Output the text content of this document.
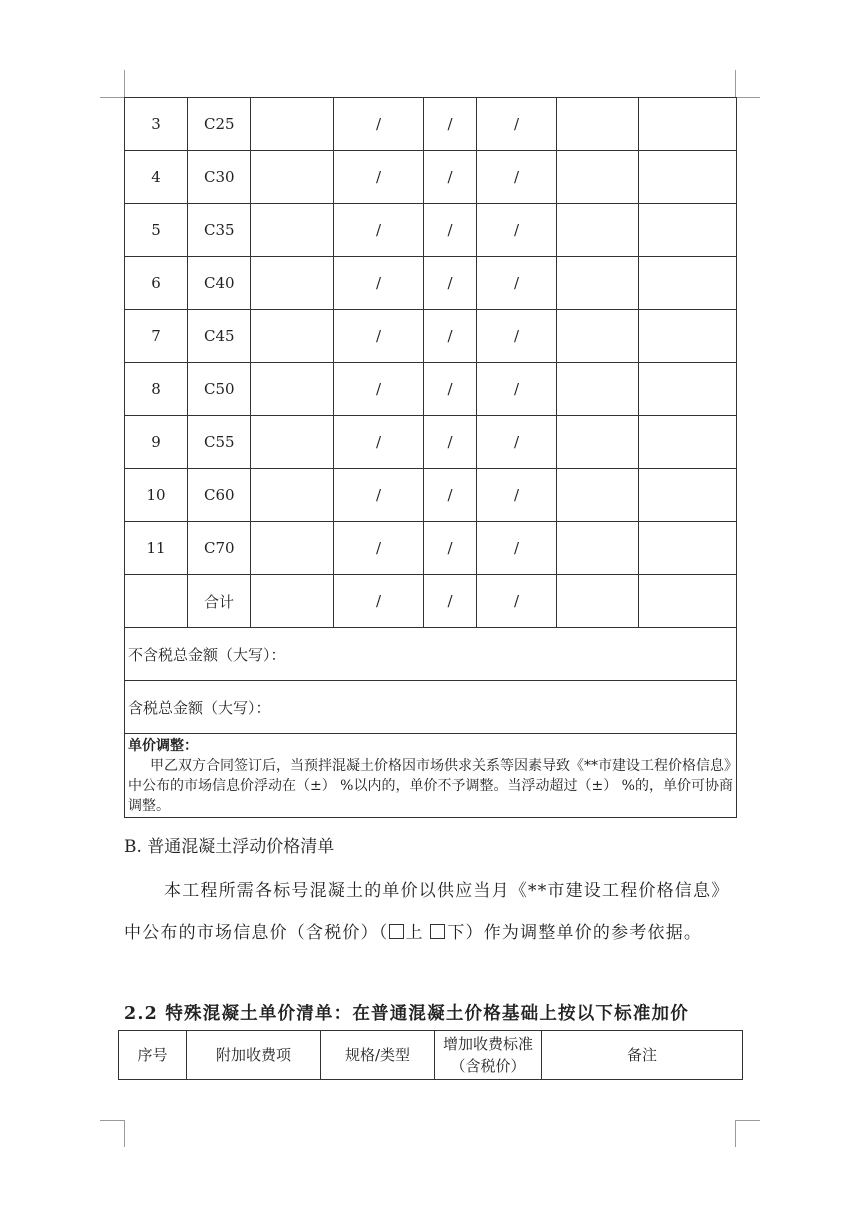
3	C25		/	/	/		
4	C30		/	/	/		
5	C35		/	/	/		
6	C40		/	/	/		
7	C45		/	/	/		
8	C50		/	/	/		
9	C55		/	/	/		
10	C60		/	/	/		
11	C70		/	/	/		
	合计		/	/	/		
不含税总金额（大写）：							
含税总金额（大写）：							

单价调整：
甲乙双方合同签订后，当预拌混凝土价格因市场供求关系等因素导致《**市建设工程价格信息》中公布的市场信息价浮动在（±） %以内的，单价不予调整。当浮动超过（±） %的，单价可协商调整。							
B. 普通混凝土浮动价格清单
本工程所需各标号混凝土的单价以供应当月《**市建设工程价格信息》中公布的市场信息价（含税价）（ 上 下）作为调整单价的参考依据。
2.2 特殊混凝土单价清单：在普通混凝土价格基础上按以下标准加价
序号	附加收费项	规格/类型	增加收费标准（含税价）	备注
